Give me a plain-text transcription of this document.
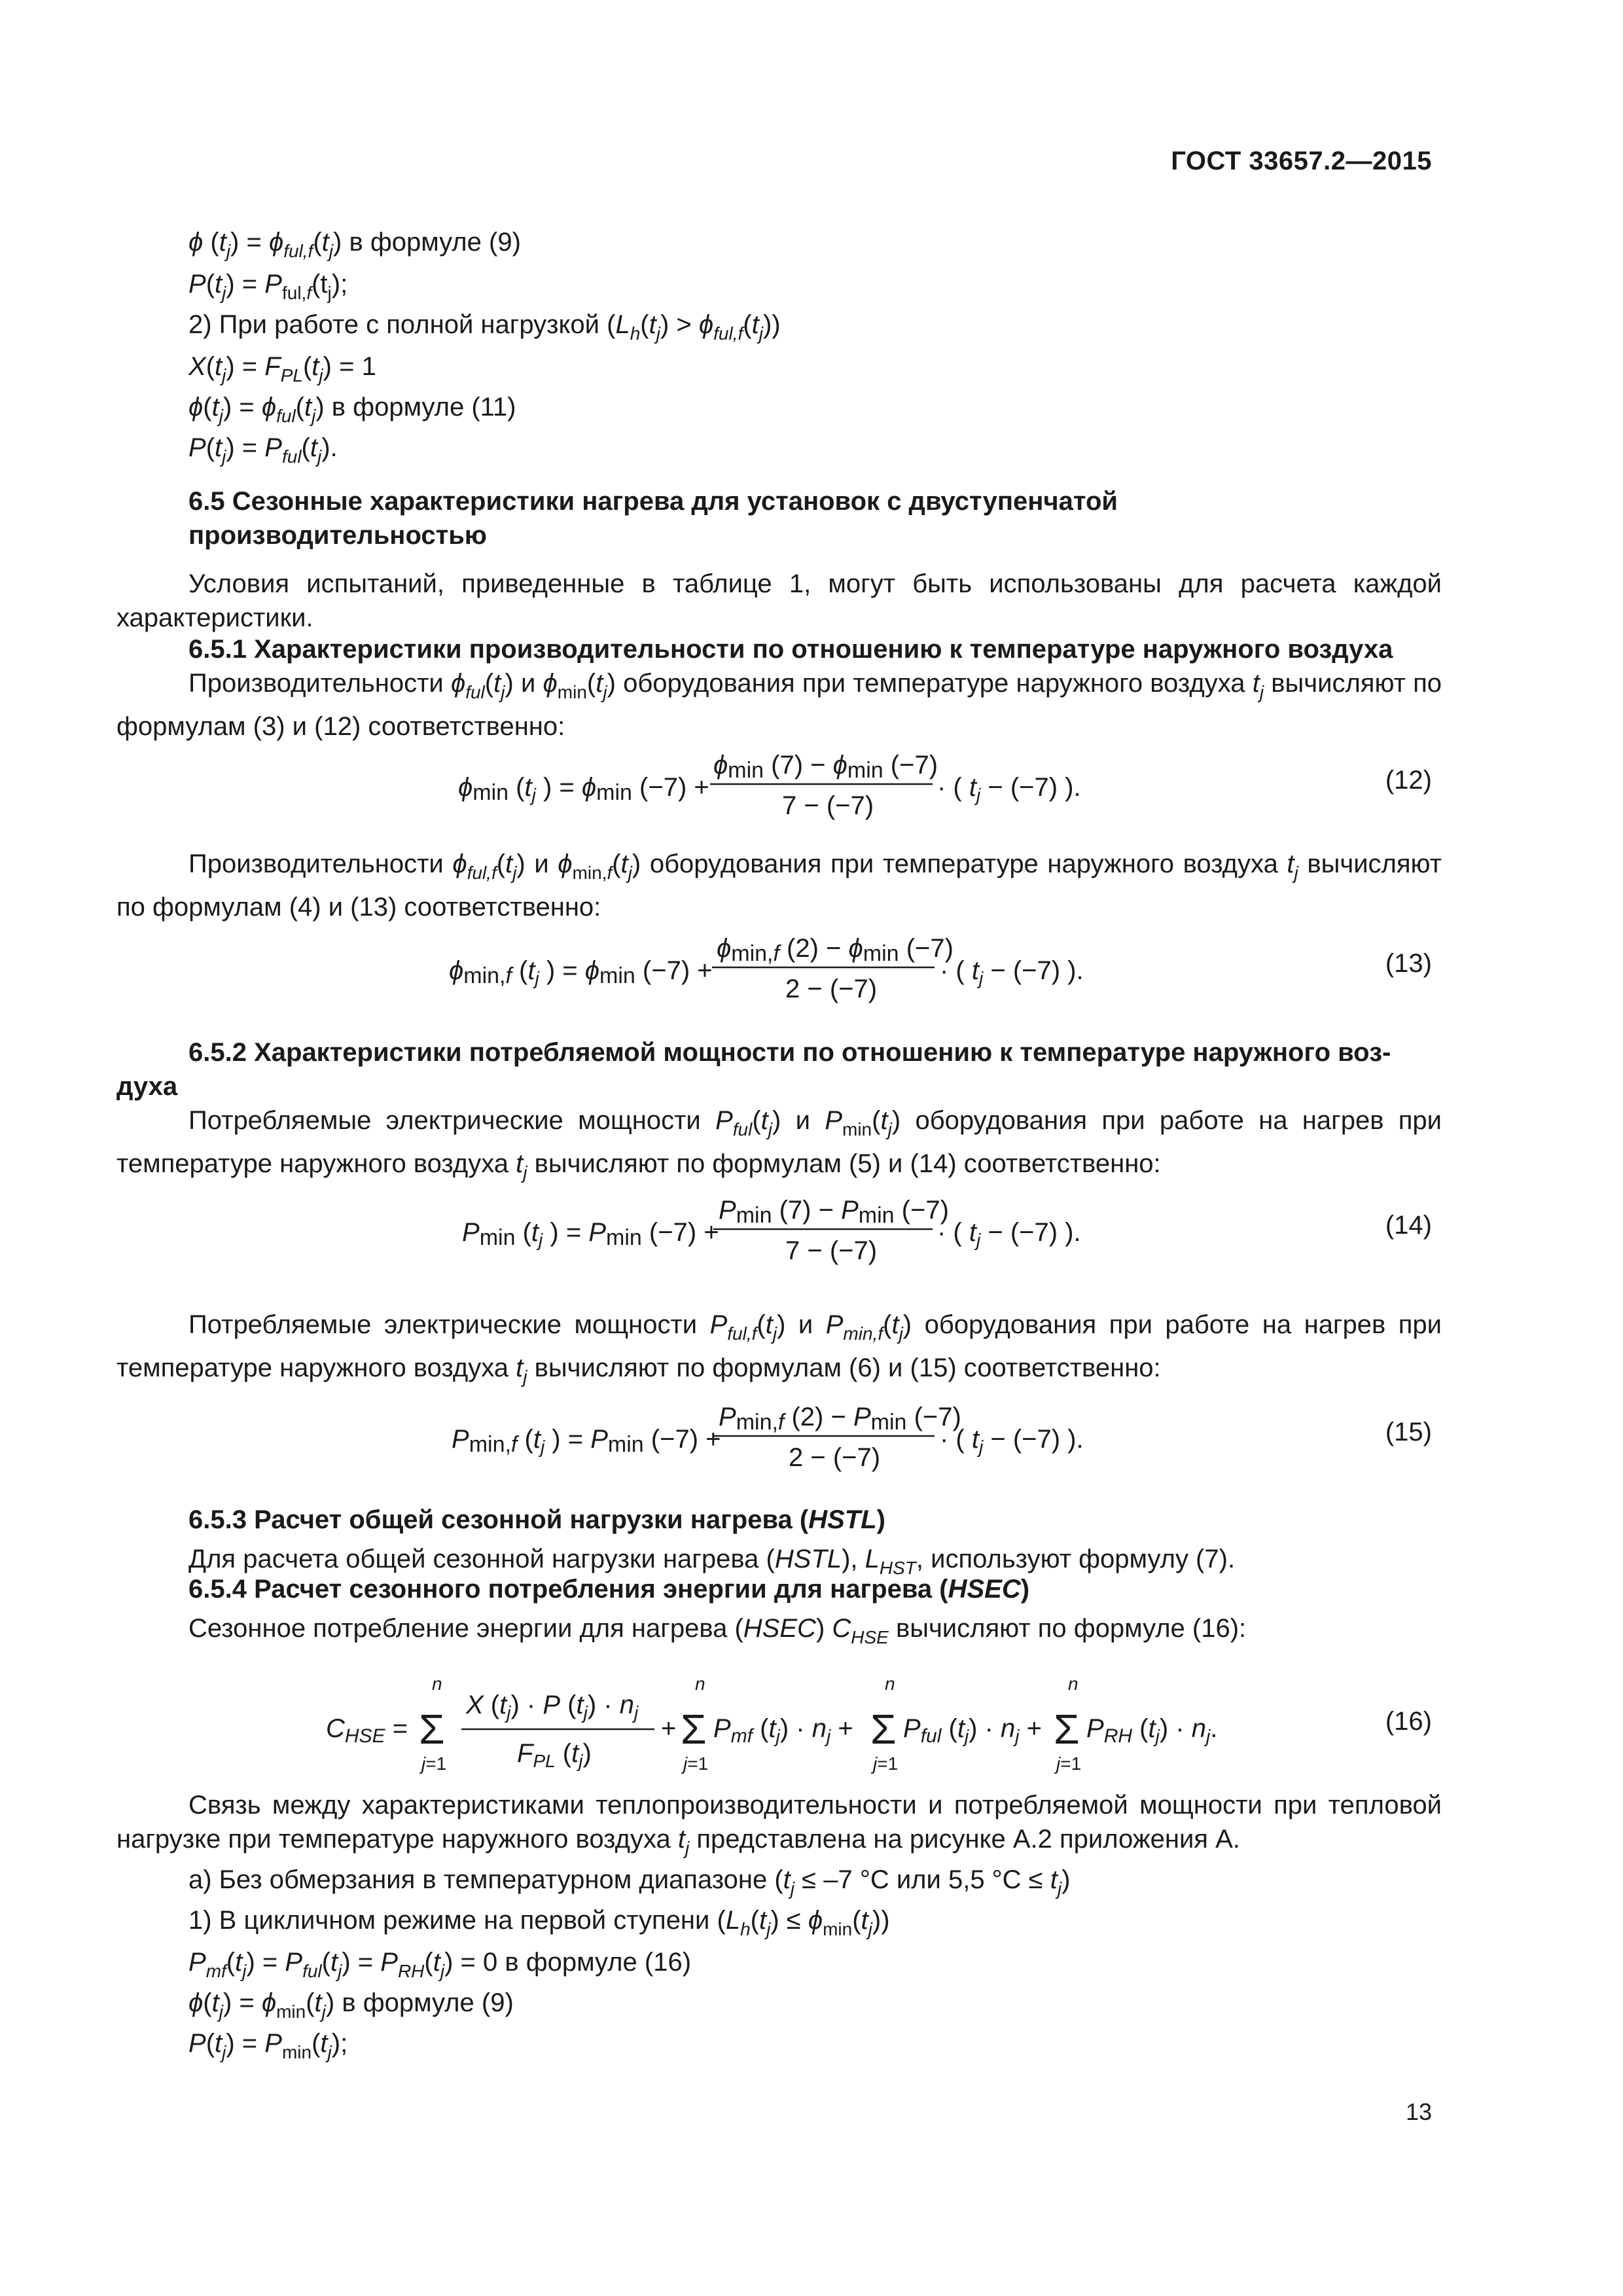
ГОСТ 33657.2—2015
ϕ $(t_j) = \phi_{ful,f}(t_j)$ в формуле (9)
$P(t_j) = P_{ful,f}(t_j)$;
2) При работе с полной нагрузкой $(L_h(t_j) > \phi_{ful,f}(t_j))$
$X(t_j) = F_{PL}(t_j) = 1$
$\phi(t_j) = \phi_{ful}(t_j)$ в формуле (11)
$P(t_j) = P_{ful}(t_j)$.
6.5 Сезонные характеристики нагрева для установок с двуступенчатой
производительностью
Условия испытаний, приведенные в таблице 1, могут быть использованы для расчета каждой характеристики.
6.5.1 Характеристики производительности по отношению к температуре наружного воздуха
Производительности $\phi_{ful}(t_j)$ и $\phi_{min}(t_j)$ оборудования при температуре наружного воздуха $t_j$ вычисляют по формулам (3) и (12) соответственно:
ϕmin ($t_j$ ) = ϕmin (−7) +
ϕmin (7) − ϕmin (−7)
7 − (−7)
· ( $t_j - (-7)$ ).	(12)
Производительности $\phi_{ful,f}(t_j)$ и $\phi_{min,f}(t_j)$ оборудования при температуре наружного воздуха $t_j$ вычисляют по формулам (4) и (13) соответственно:
ϕmin,f ($t_j$ ) = ϕmin (−7) +
ϕmin,f (2) − ϕmin (−7)
2 − (−7)
· ( $t_j - (-7)$ ).	(13)
6.5.2 Характеристики потребляемой мощности по отношению к температуре наружного воз-
духа
Потребляемые электрические мощности $P_{ful}(t_j)$ и $P_{min}(t_j)$ оборудования при работе на нагрев при температуре наружного воздуха $t_j$ вычисляют по формулам (5) и (14) соответственно:
Pmin ($t_j$ ) = Pmin (−7) +
Pmin (7) − Pmin (−7)
7 − (−7)
· ( $t_j - (-7)$ ).	(14)
Потребляемые электрические мощности $P_{ful,f}(t_j)$ и $P_{min,f}(t_j)$ оборудования при работе на нагрев при температуре наружного воздуха $t_j$ вычисляют по формулам (6) и (15) соответственно:
Pmin,f ($t_j$ ) = Pmin (−7) +
Pmin,f (2) − Pmin (−7)
2 − (−7)
· ( $t_j - (-7)$ ).	(15)
6.5.3 Расчет общей сезонной нагрузки нагрева (HSTL)
Для расчета общей сезонной нагрузки нагрева (HSTL), $L_{HST}$, используют формулу (7).
6.5.4 Расчет сезонного потребления энергии для нагрева (HSEC)
Сезонное потребление энергии для нагрева (HSEC) $C_{HSE}$ вычисляют по формуле (16):
$C_{HSE}$ =
n
Σ
j=1
X $(t_j) \cdot P$ $(t_j) \cdot n_j$
$F_{PL}$ $(t_j)$
+
n
Σ
j=1
$P_{mf}$ $(t_j) \cdot n_j$ +
n
Σ
j=1
$P_{ful}$ $(t_j) \cdot n_j$ +
n
Σ
j=1
$P_{RH}$ $(t_j) \cdot n_j$.	(16)
Связь между характеристиками теплопроизводительности и потребляемой мощности при тепловой нагрузке при температуре наружного воздуха $t_j$ представлена на рисунке А.2 приложения А.
а) Без обмерзания в температурном диапазоне ($t_j \le -7$ °C или 5,5 $^\circ C \le t_j$)
1) В цикличном режиме на первой ступени $(L_h(t_j) \le \phi_{min}(t_j))$
$P_{mf}(t_j) = P_{ful}(t_j) = P_{RH}(t_j) = 0$ в формуле (16)
$\phi(t_j) = \phi_{min}(t_j)$ в формуле (9)
$P(t_j) = P_{min}(t_j)$;
13
